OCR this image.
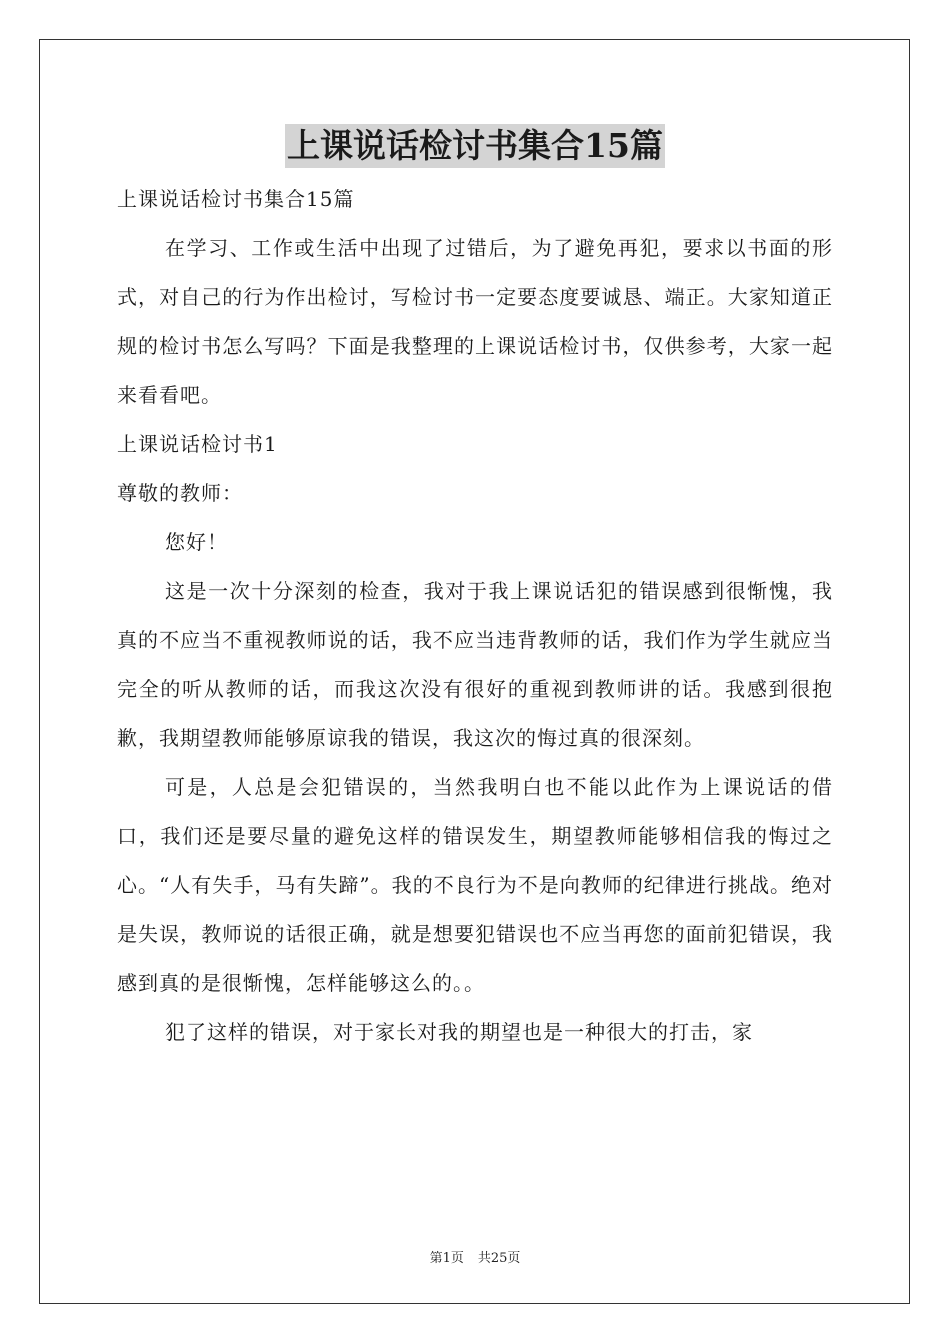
上课说话检讨书集合15篇

上课说话检讨书集合15篇

在学习、工作或生活中出现了过错后，为了避免再犯，要求以书面的形式，对自己的行为作出检讨，写检讨书一定要态度要诚恳、端正。大家知道正规的检讨书怎么写吗？下面是我整理的上课说话检讨书，仅供参考，大家一起来看看吧。

上课说话检讨书1

尊敬的教师：

您好！

这是一次十分深刻的检查，我对于我上课说话犯的错误感到很惭愧，我真的不应当不重视教师说的话，我不应当违背教师的话，我们作为学生就应当完全的听从教师的话，而我这次没有很好的重视到教师讲的话。我感到很抱歉，我期望教师能够原谅我的错误，我这次的悔过真的很深刻。

可是，人总是会犯错误的，当然我明白也不能以此作为上课说话的借口，我们还是要尽量的避免这样的错误发生，期望教师能够相信我的悔过之心。“人有失手，马有失蹄”。我的不良行为不是向教师的纪律进行挑战。绝对是失误，教师说的话很正确，就是想要犯错误也不应当再您的面前犯错误，我感到真的是很惭愧，怎样能够这么的。。

犯了这样的错误，对于家长对我的期望也是一种很大的打击，家

第1页 共25页
